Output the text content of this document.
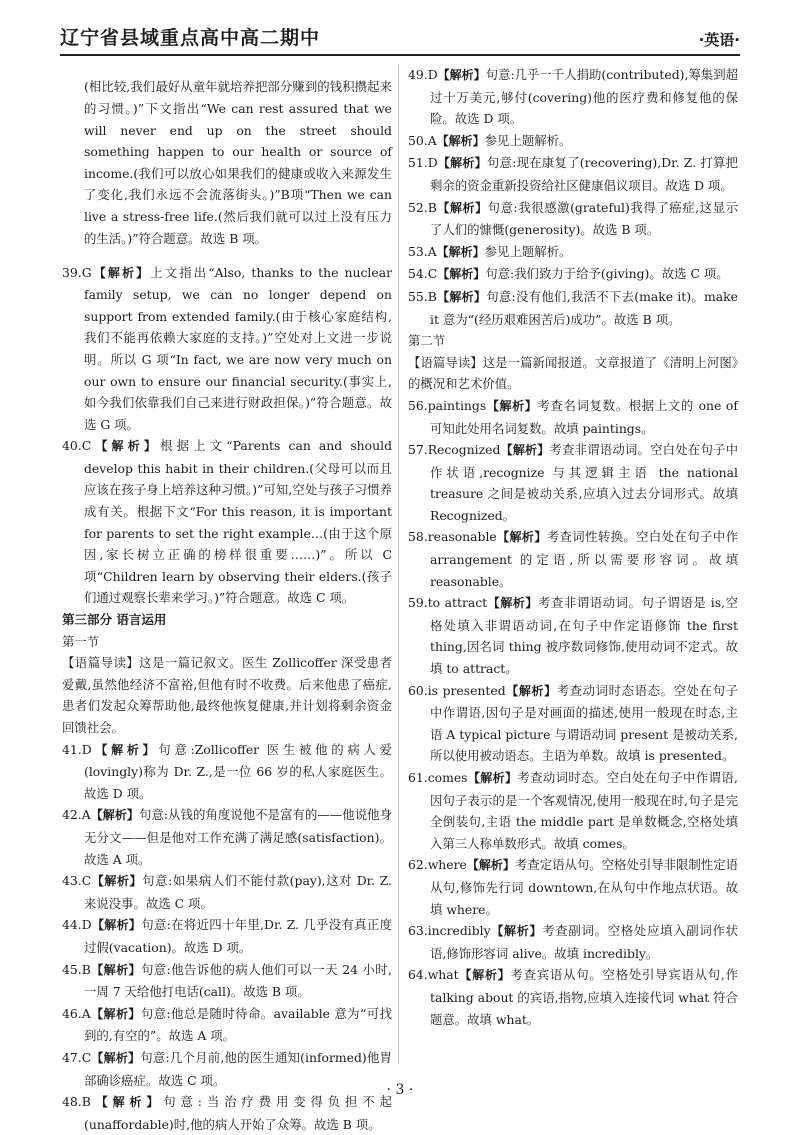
辽宁省县域重点高中高二期中	·英语·

(相比较,我们最好从童年就培养把部分赚到的钱积攒起来的习惯。)”下文指出“We can rest assured that we will never end up on the street should something happen to our health or source of income.(我们可以放心如果我们的健康或收入来源发生了变化,我们永远不会流落街头。)”B项“Then we can live a stress-free life.(然后我们就可以过上没有压力的生活。)”符合题意。故选 B 项。

39.G【解析】上文指出“Also, thanks to the nuclear family setup, we can no longer depend on support from extended family.(由于核心家庭结构,我们不能再依赖大家庭的支持。)”空处对上文进一步说明。所以 G 项“In fact, we are now very much on our own to ensure our financial security.(事实上,如今我们依靠我们自己来进行财政担保。)”符合题意。故选 G 项。

40.C【解析】根据上文“Parents can and should develop this habit in their children.(父母可以而且应该在孩子身上培养这种习惯。)”可知,空处与孩子习惯养成有关。根据下文“For this reason, it is important for parents to set the right example…(由于这个原因,家长树立正确的榜样很重要……)”。所以 C 项“Children learn by observing their elders.(孩子们通过观察长辈来学习。)”符合题意。故选 C 项。

第三部分 语言运用

第一节

【语篇导读】这是一篇记叙文。医生 Zollicoffer 深受患者爱戴,虽然他经济不富裕,但他有时不收费。后来他患了癌症,患者们发起众筹帮助他,最终他恢复健康,并计划将剩余资金回馈社会。

41.D【解析】句意:Zollicoffer 医生被他的病人爱(lovingly)称为 Dr. Z.,是一位 66 岁的私人家庭医生。故选 D 项。

42.A【解析】句意:从钱的角度说他不是富有的——他说他身无分文——但是他对工作充满了满足感(satisfaction)。故选 A 项。

43.C【解析】句意:如果病人们不能付款(pay),这对 Dr. Z. 来说没事。故选 C 项。

44.D【解析】句意:在将近四十年里,Dr. Z. 几乎没有真正度过假(vacation)。故选 D 项。

45.B【解析】句意:他告诉他的病人他们可以一天 24 小时,一周 7 天给他打电话(call)。故选 B 项。

46.A【解析】句意:他总是随时待命。available 意为“可找到的,有空的”。故选 A 项。

47.C【解析】句意:几个月前,他的医生通知(informed)他胃部确诊癌症。故选 C 项。

48.B【解析】句意:当治疗费用变得负担不起(unaffordable)时,他的病人开始了众筹。故选 B 项。

49.D【解析】句意:几乎一千人捐助(contributed),筹集到超过十万美元,够付(covering)他的医疗费和修复他的保险。故选 D 项。

50.A【解析】参见上题解析。

51.D【解析】句意:现在康复了(recovering),Dr. Z. 打算把剩余的资金重新投资给社区健康倡议项目。故选 D 项。

52.B【解析】句意:我很感激(grateful)我得了癌症,这显示了人们的慷慨(generosity)。故选 B 项。

53.A【解析】参见上题解析。

54.C【解析】句意:我们致力于给予(giving)。故选 C 项。

55.B【解析】句意:没有他们,我活不下去(make it)。make it 意为“(经历艰难困苦后)成功”。故选 B 项。

第二节

【语篇导读】这是一篇新闻报道。文章报道了《清明上河图》的概况和艺术价值。

56.paintings【解析】考查名词复数。根据上文的 one of 可知此处用名词复数。故填 paintings。

57.Recognized【解析】考查非谓语动词。空白处在句子中作状语,recognize 与其逻辑主语 the national treasure 之间是被动关系,应填入过去分词形式。故填 Recognized。

58.reasonable【解析】考查词性转换。空白处在句子中作 arrangement 的定语,所以需要形容词。故填 reasonable。

59.to attract【解析】考查非谓语动词。句子谓语是 is,空格处填入非谓语动词,在句子中作定语修饰 the first thing,因名词 thing 被序数词修饰,使用动词不定式。故填 to attract。

60.is presented【解析】考查动词时态语态。空处在句子中作谓语,因句子是对画面的描述,使用一般现在时态,主语 A typical picture 与谓语动词 present 是被动关系,所以使用被动语态。主语为单数。故填 is presented。

61.comes【解析】考查动词时态。空白处在句子中作谓语,因句子表示的是一个客观情况,使用一般现在时,句子是完全倒装句,主语 the middle part 是单数概念,空格处填入第三人称单数形式。故填 comes。

62.where【解析】考查定语从句。空格处引导非限制性定语从句,修饰先行词 downtown,在从句中作地点状语。故填 where。

63.incredibly【解析】考查副词。空格处应填入副词作状语,修饰形容词 alive。故填 incredibly。

64.what【解析】考查宾语从句。空格处引导宾语从句,作 talking about 的宾语,指物,应填入连接代词 what 符合题意。故填 what。

· 3 ·
